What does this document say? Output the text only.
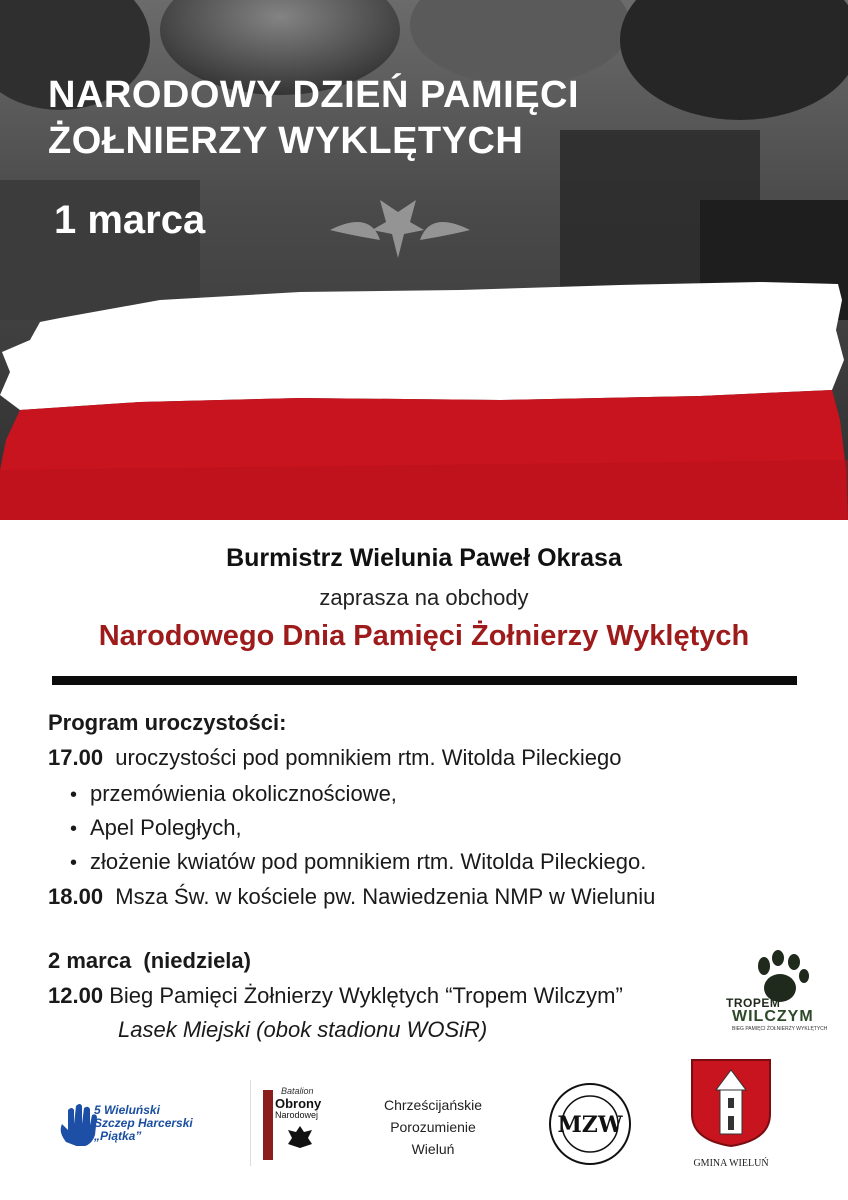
NARODOWY DZIEŃ PAMIĘCI
ŻOŁNIERZY WYKLĘTYCH
1 marca
Burmistrz Wielunia Paweł Okrasa
zaprasza na obchody
Narodowego Dnia Pamięci Żołnierzy Wyklętych
Program uroczystości:
17.00 uroczystości pod pomnikiem rtm. Witolda Pileckiego
• przemówienia okolicznościowe,
• Apel Poległych,
• złożenie kwiatów pod pomnikiem rtm. Witolda Pileckiego.
18.00 Msza Św. w kościele pw. Nawiedzenia NMP w Wieluniu
2 marca  (niedziela)
12.00 Bieg Pamięci Żołnierzy Wyklętych “Tropem Wilczym”
Lasek Miejski (obok stadionu WOSiR)
TROPEM
WILCZYM
BIEG PAMIĘCI ŻOŁNIERZY WYKLĘTYCH
5 Wieluński
Szczep Harcerski
„Piątka”
Batalion
Obrony
Narodowej
Chrześcijańskie
Porozumienie
Wieluń
MZW
GMINA WIELUŃ
